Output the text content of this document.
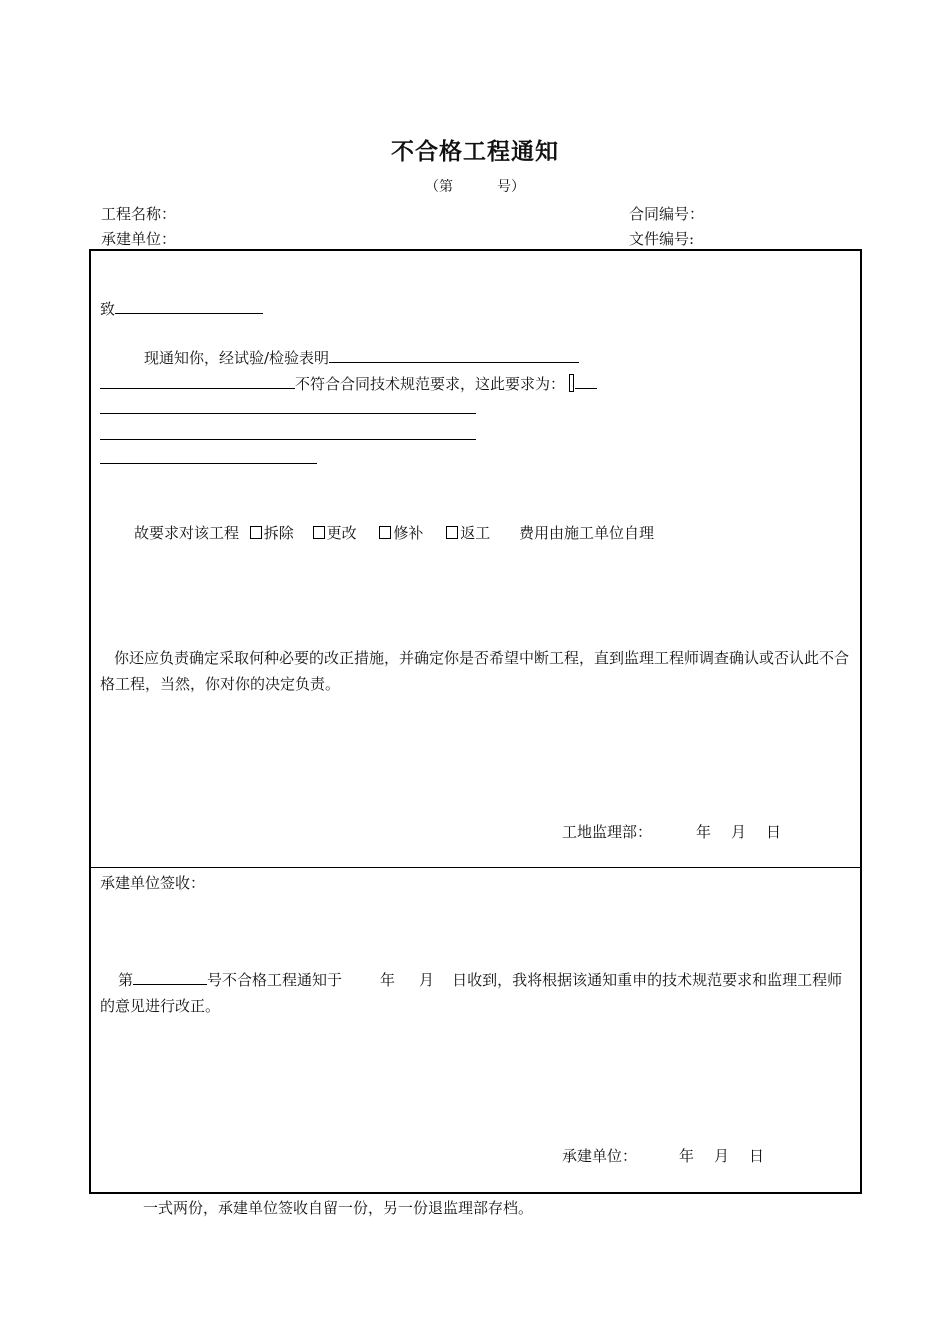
不合格工程通知
（第	号）
工程名称：	合同编号：
承建单位：	文件编号:
致
现通知你，经试验/检验表明
不符合合同技术规范要求，这此要求为：
故要求对该工程 拆除 更改 修补 返工 费用由施工单位自理
你还应负责确定采取何种必要的改正措施，并确定你是否希望中断工程，直到监理工程师调查确认或否认此不合格工程，当然，你对你的决定负责。
工地监理部：	年 月 日
承建单位签收：
第	号不合格工程通知于	年 月 日收到，我将根据该通知重申的技术规范要求和监理工程师的意见进行改正。
承建单位：	年 月 日
一式两份，承建单位签收自留一份，另一份退监理部存档。
